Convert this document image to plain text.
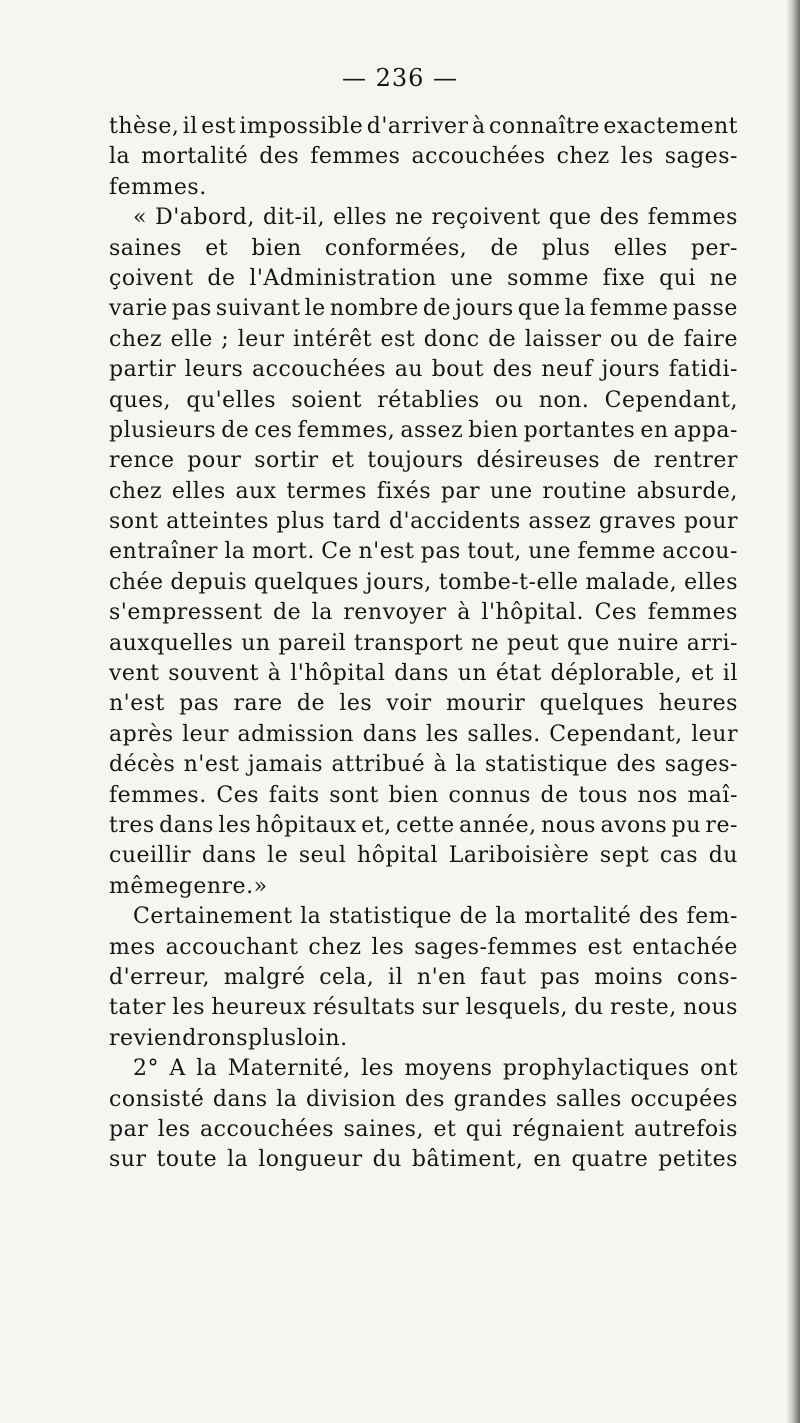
— 236 —
thèse, il est impossible d'arriver à connaître exactement
la mortalité des femmes accouchées chez les sages-
femmes.
« D'abord, dit-il, elles ne reçoivent que des femmes
saines et bien conformées, de plus elles per-
çoivent de l'Administration une somme fixe qui ne
varie pas suivant le nombre de jours que la femme passe
chez elle ; leur intérêt est donc de laisser ou de faire
partir leurs accouchées au bout des neuf jours fatidi-
ques, qu'elles soient rétablies ou non. Cependant,
plusieurs de ces femmes, assez bien portantes en appa-
rence pour sortir et toujours désireuses de rentrer
chez elles aux termes fixés par une routine absurde,
sont atteintes plus tard d'accidents assez graves pour
entraîner la mort. Ce n'est pas tout, une femme accou-
chée depuis quelques jours, tombe-t-elle malade, elles
s'empressent de la renvoyer à l'hôpital. Ces femmes
auxquelles un pareil transport ne peut que nuire arri-
vent souvent à l'hôpital dans un état déplorable, et il
n'est pas rare de les voir mourir quelques heures
après leur admission dans les salles. Cependant, leur
décès n'est jamais attribué à la statistique des sages-
femmes. Ces faits sont bien connus de tous nos maî-
tres dans les hôpitaux et, cette année, nous avons pu re-
cueillir dans le seul hôpital Lariboisière sept cas du
même genre. »
Certainement la statistique de la mortalité des fem-
mes accouchant chez les sages-femmes est entachée
d'erreur, malgré cela, il n'en faut pas moins cons-
tater les heureux résultats sur lesquels, du reste, nous
reviendrons plus loin.
2° A la Maternité, les moyens prophylactiques ont
consisté dans la division des grandes salles occupées
par les accouchées saines, et qui régnaient autrefois
sur toute la longueur du bâtiment, en quatre petites
